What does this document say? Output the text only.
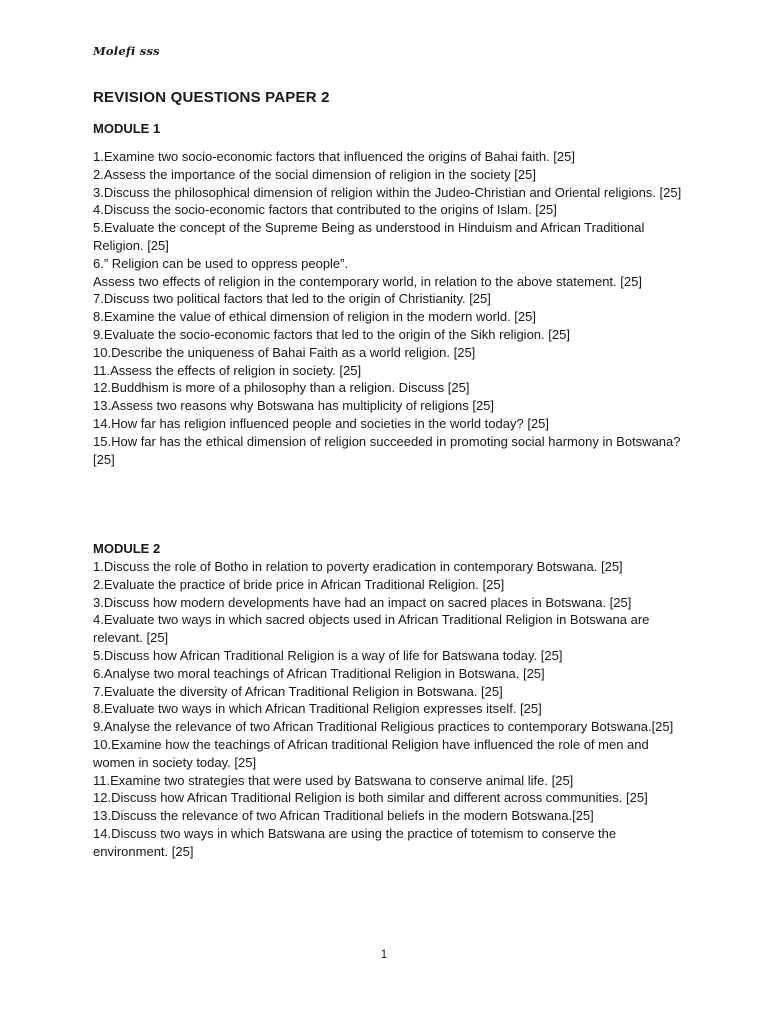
Molefi sss
REVISION QUESTIONS PAPER 2

MODULE 1

1.Examine two socio-economic factors that influenced the origins of Bahai faith. [25]

2.Assess the importance of the social dimension of religion in the society [25]

3.Discuss the philosophical dimension of religion within the Judeo-Christian and Oriental religions. [25]

4.Discuss the socio-economic factors that contributed to the origins of Islam. [25]

5.Evaluate the concept of the Supreme Being as understood in Hinduism and African Traditional Religion. [25]

6.” Religion can be used to oppress people”.

Assess two effects of religion in the contemporary world, in relation to the above statement. [25]

7.Discuss two political factors that led to the origin of Christianity. [25]

8.Examine the value of ethical dimension of religion in the modern world. [25]

9.Evaluate the socio-economic factors that led to the origin of the Sikh religion. [25]

10.Describe the uniqueness of Bahai Faith as a world religion. [25]

11.Assess the effects of religion in society. [25]

12.Buddhism is more of a philosophy than a religion. Discuss [25]

13.Assess two reasons why Botswana has multiplicity of religions [25]

14.How far has religion influenced people and societies in the world today? [25]

15.How far has the ethical dimension of religion succeeded in promoting social harmony in Botswana? [25]

MODULE 2

1.Discuss the role of Botho in relation to poverty eradication in contemporary Botswana. [25]

2.Evaluate the practice of bride price in African Traditional Religion. [25]

3.Discuss how modern developments have had an impact on sacred places in Botswana. [25]

4.Evaluate two ways in which sacred objects used in African Traditional Religion in Botswana are relevant. [25]

5.Discuss how African Traditional Religion is a way of life for Batswana today. [25]

6.Analyse two moral teachings of African Traditional Religion in Botswana. [25]

7.Evaluate the diversity of African Traditional Religion in Botswana. [25]

8.Evaluate two ways in which African Traditional Religion expresses itself. [25]

9.Analyse the relevance of two African Traditional Religious practices to contemporary Botswana.[25]

10.Examine how the teachings of African traditional Religion have influenced the role of men and women in society today. [25]

11.Examine two strategies that were used by Batswana to conserve animal life. [25]

12.Discuss how African Traditional Religion is both similar and different across communities. [25]

13.Discuss the relevance of two African Traditional beliefs in the modern Botswana.[25]

14.Discuss two ways in which Batswana are using the practice of totemism to conserve the environment. [25]

1
